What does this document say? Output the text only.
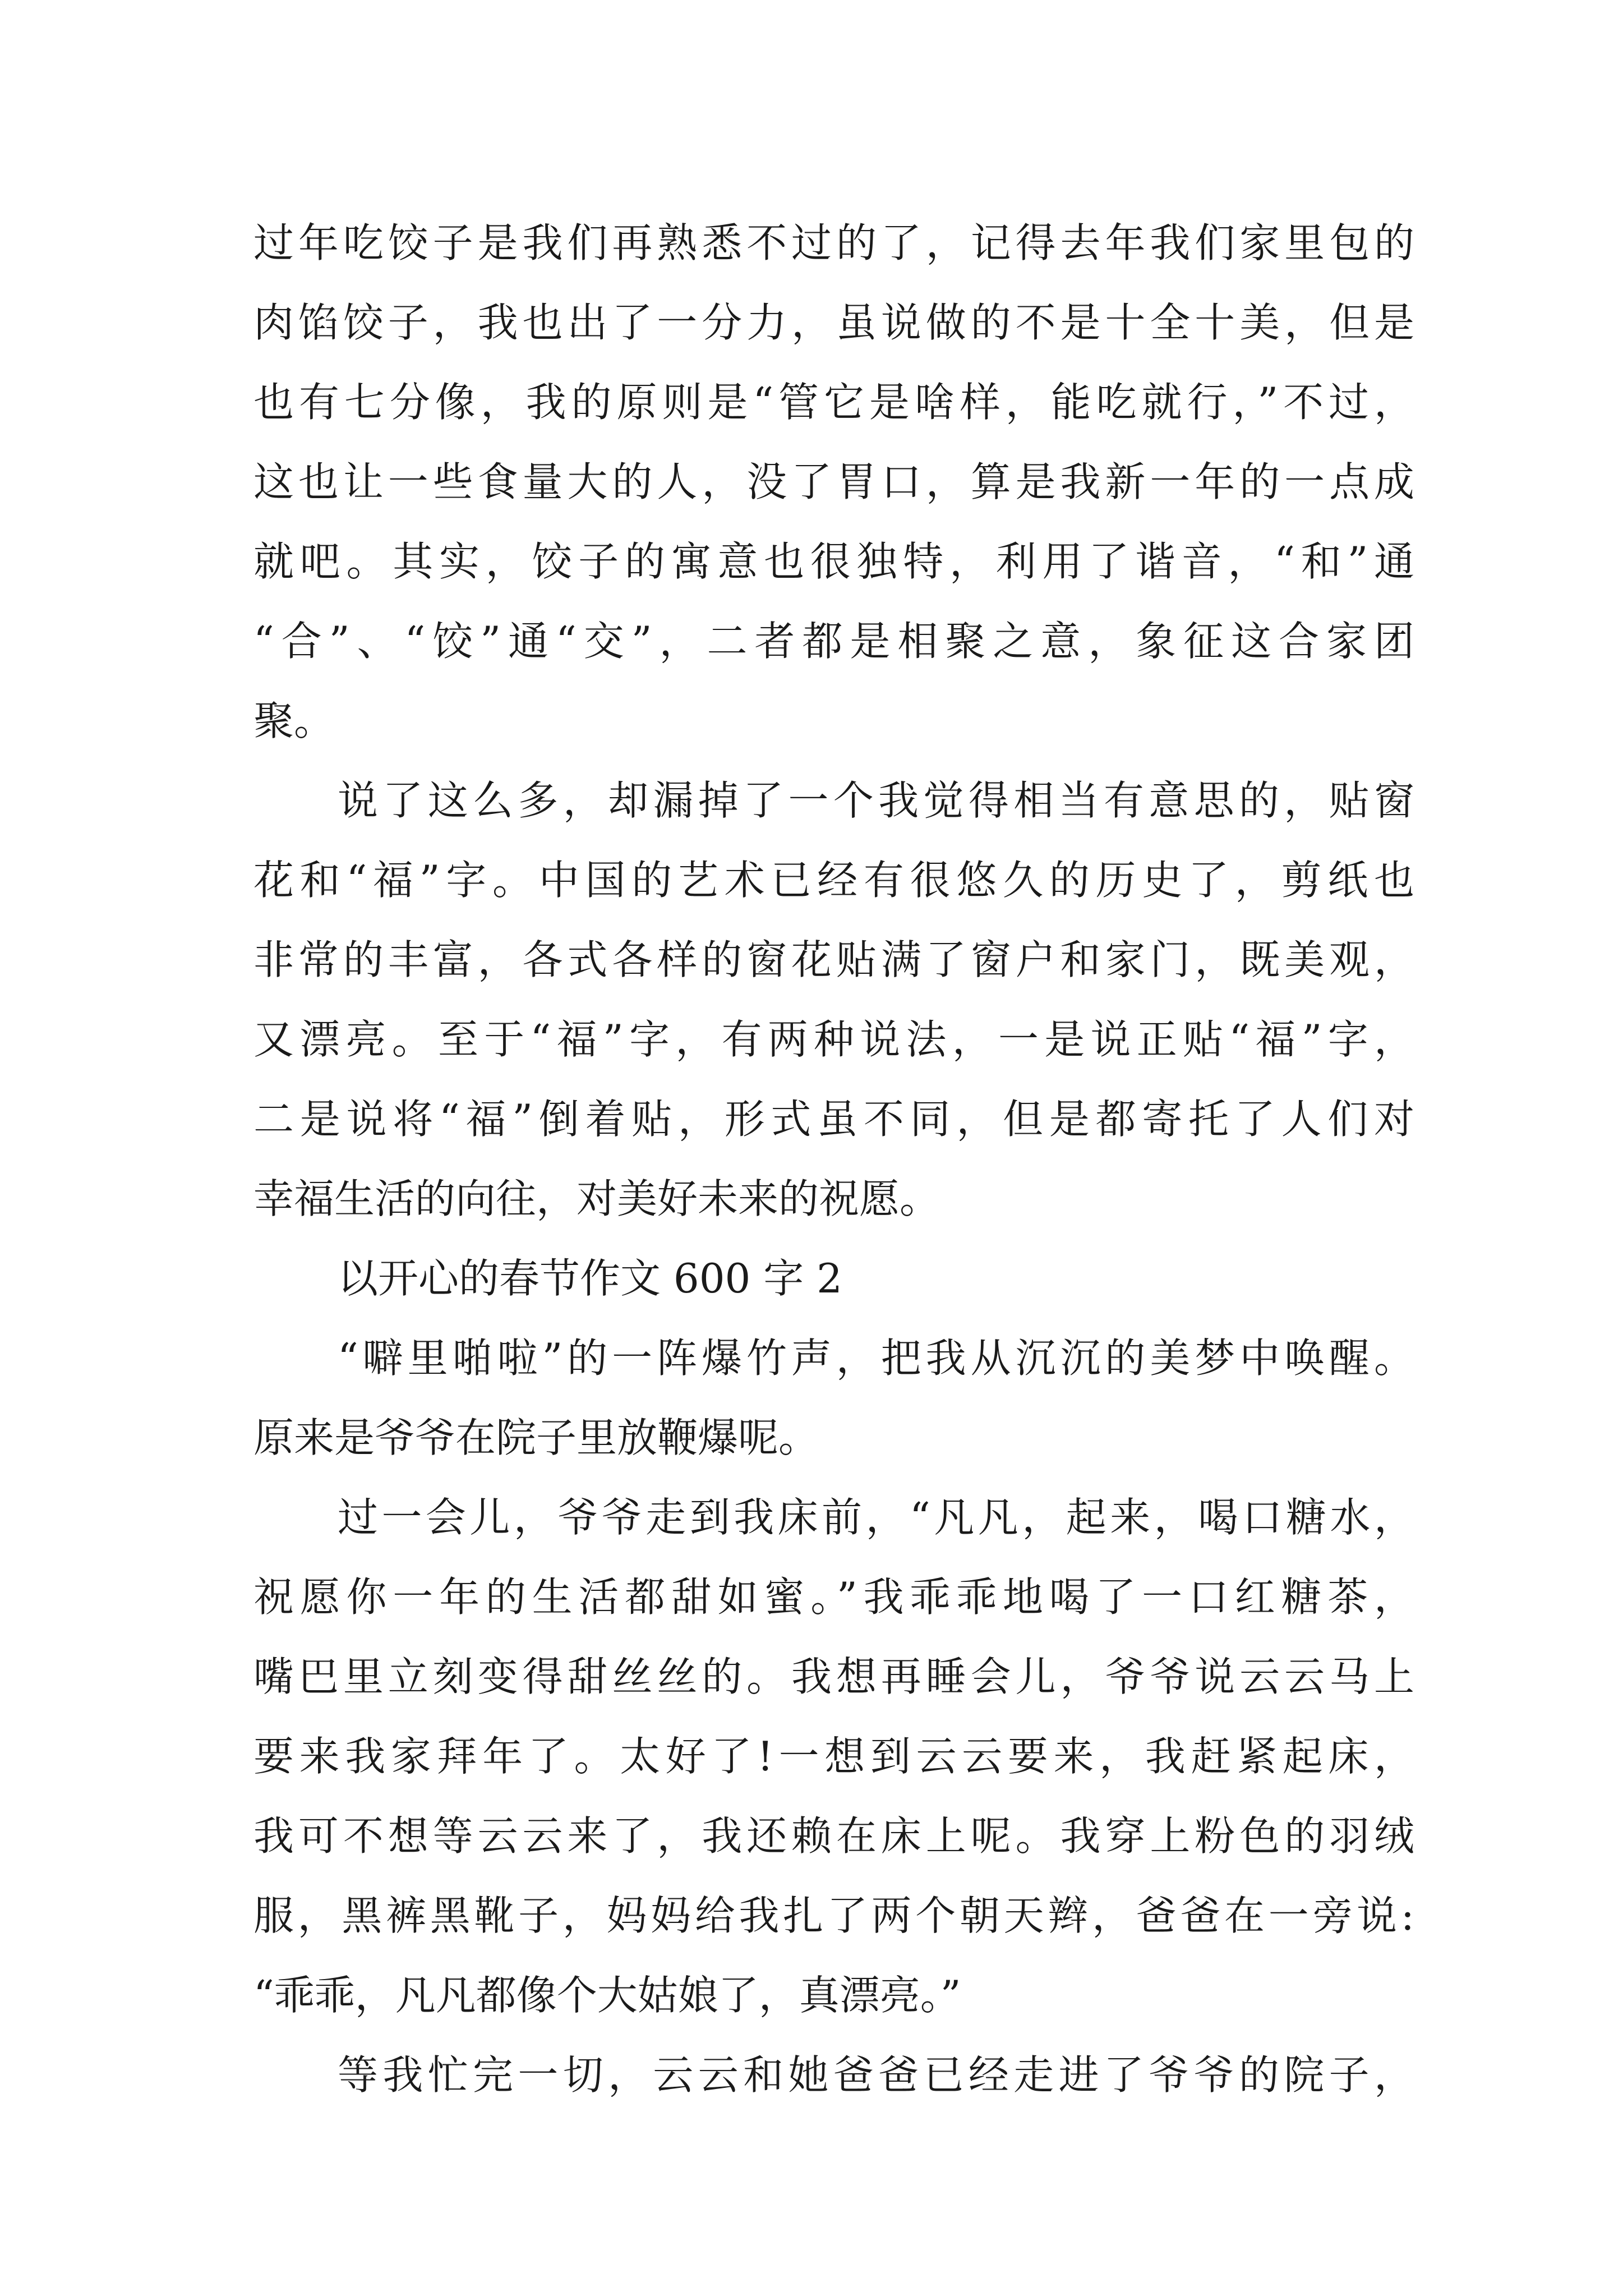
过年吃饺子是我们再熟悉不过的了，记得去年我们家里包的
肉馅饺子，我也出了一分力，虽说做的不是十全十美，但是
也有七分像，我的原则是“管它是啥样，能吃就行，”不过，
这也让一些食量大的人，没了胃口，算是我新一年的一点成
就吧。其实，饺子的寓意也很独特，利用了谐音，“和”通
“合”、“饺”通“交”，二者都是相聚之意，象征这合家团
聚。
说了这么多，却漏掉了一个我觉得相当有意思的，贴窗
花和“福”字。中国的艺术已经有很悠久的历史了，剪纸也
非常的丰富，各式各样的窗花贴满了窗户和家门，既美观，
又漂亮。至于“福”字，有两种说法，一是说正贴“福”字，
二是说将“福”倒着贴，形式虽不同，但是都寄托了人们对
幸福生活的向往，对美好未来的祝愿。
以开心的春节作文 600 字 2
“噼里啪啦”的一阵爆竹声，把我从沉沉的美梦中唤醒。
原来是爷爷在院子里放鞭爆呢。
过一会儿，爷爷走到我床前，“凡凡，起来，喝口糖水，
祝愿你一年的生活都甜如蜜。”我乖乖地喝了一口红糖茶，
嘴巴里立刻变得甜丝丝的。我想再睡会儿，爷爷说云云马上
要来我家拜年了。太好了!一想到云云要来，我赶紧起床，
我可不想等云云来了，我还赖在床上呢。我穿上粉色的羽绒
服，黑裤黑靴子，妈妈给我扎了两个朝天辫，爸爸在一旁说:
“乖乖，凡凡都像个大姑娘了，真漂亮。”
等我忙完一切，云云和她爸爸已经走进了爷爷的院子，
